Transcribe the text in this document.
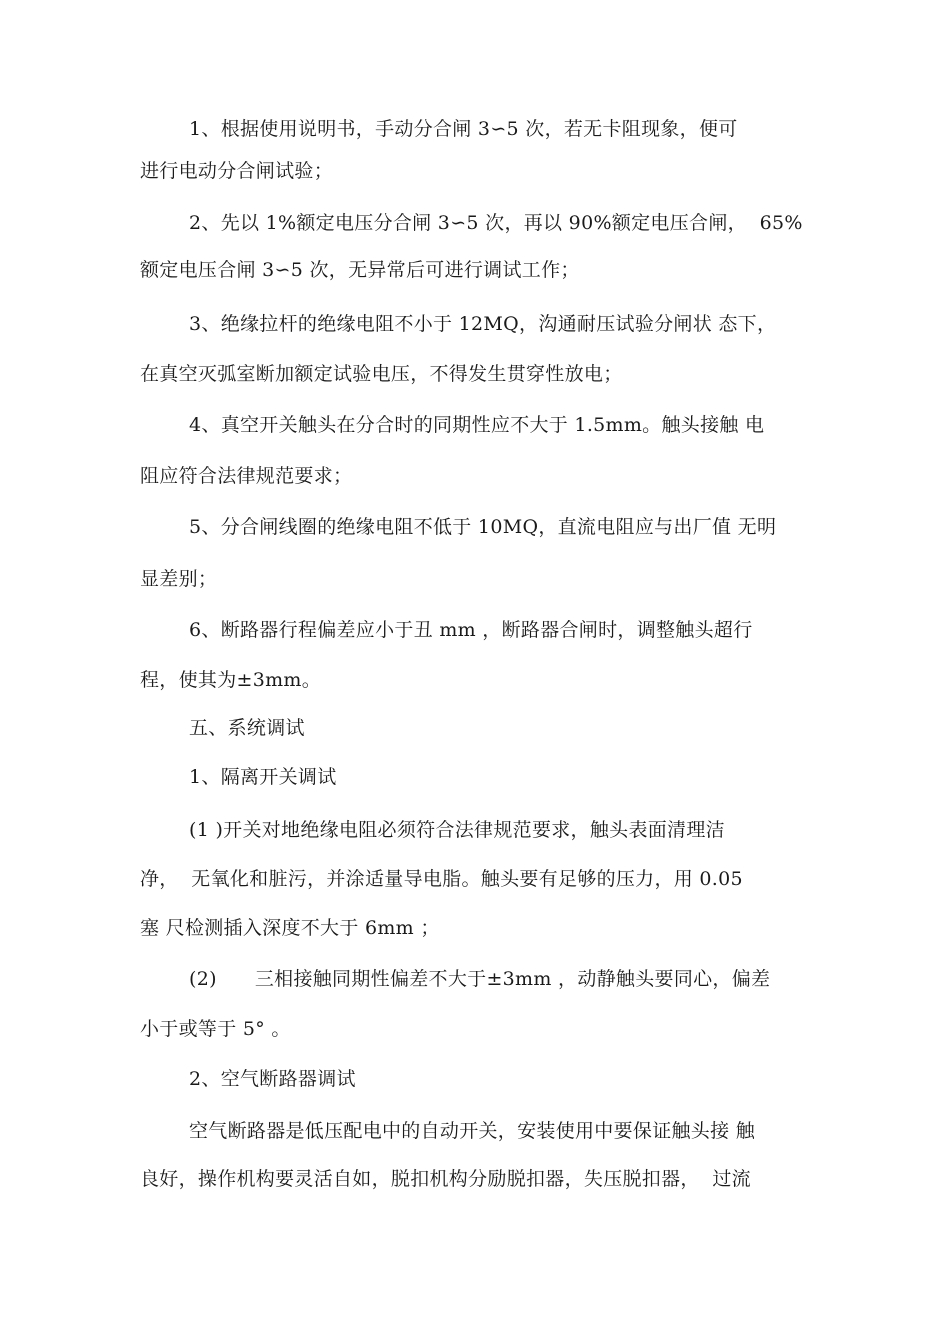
1、根据使用说明书，手动分合闸 3∽5 次，若无卡阻现象，便可
进行电动分合闸试验；
2、先以 1%额定电压分合闸 3∽5 次，再以 90%额定电压合闸，  65%
额定电压合闸 3∽5 次，无异常后可进行调试工作；
3、绝缘拉杆的绝缘电阻不小于 12MQ，沟通耐压试验分闸状 态下，
在真空灭弧室断加额定试验电压，不得发生贯穿性放电；
4、真空开关触头在分合时的同期性应不大于 1.5mm。触头接触 电
阻应符合法律规范要求；
5、分合闸线圈的绝缘电阻不低于 10MQ，直流电阻应与出厂值 无明
显差别；
6、断路器行程偏差应小于丑 mm ，断路器合闸时，调整触头超行
程，使其为±3mm。
五、系统调试
1、隔离开关调试
(1 )开关对地绝缘电阻必须符合法律规范要求，触头表面清理洁
净，  无氧化和脏污，并涂适量导电脂。触头要有足够的压力，用 0.05
塞 尺检测插入深度不大于 6mm ；
(2)      三相接触同期性偏差不大于±3mm ，动静触头要同心，偏差
小于或等于 5° 。
2、空气断路器调试
空气断路器是低压配电中的自动开关，安装使用中要保证触头接 触
良好，操作机构要灵活自如，脱扣机构分励脱扣器，失压脱扣器，  过流
